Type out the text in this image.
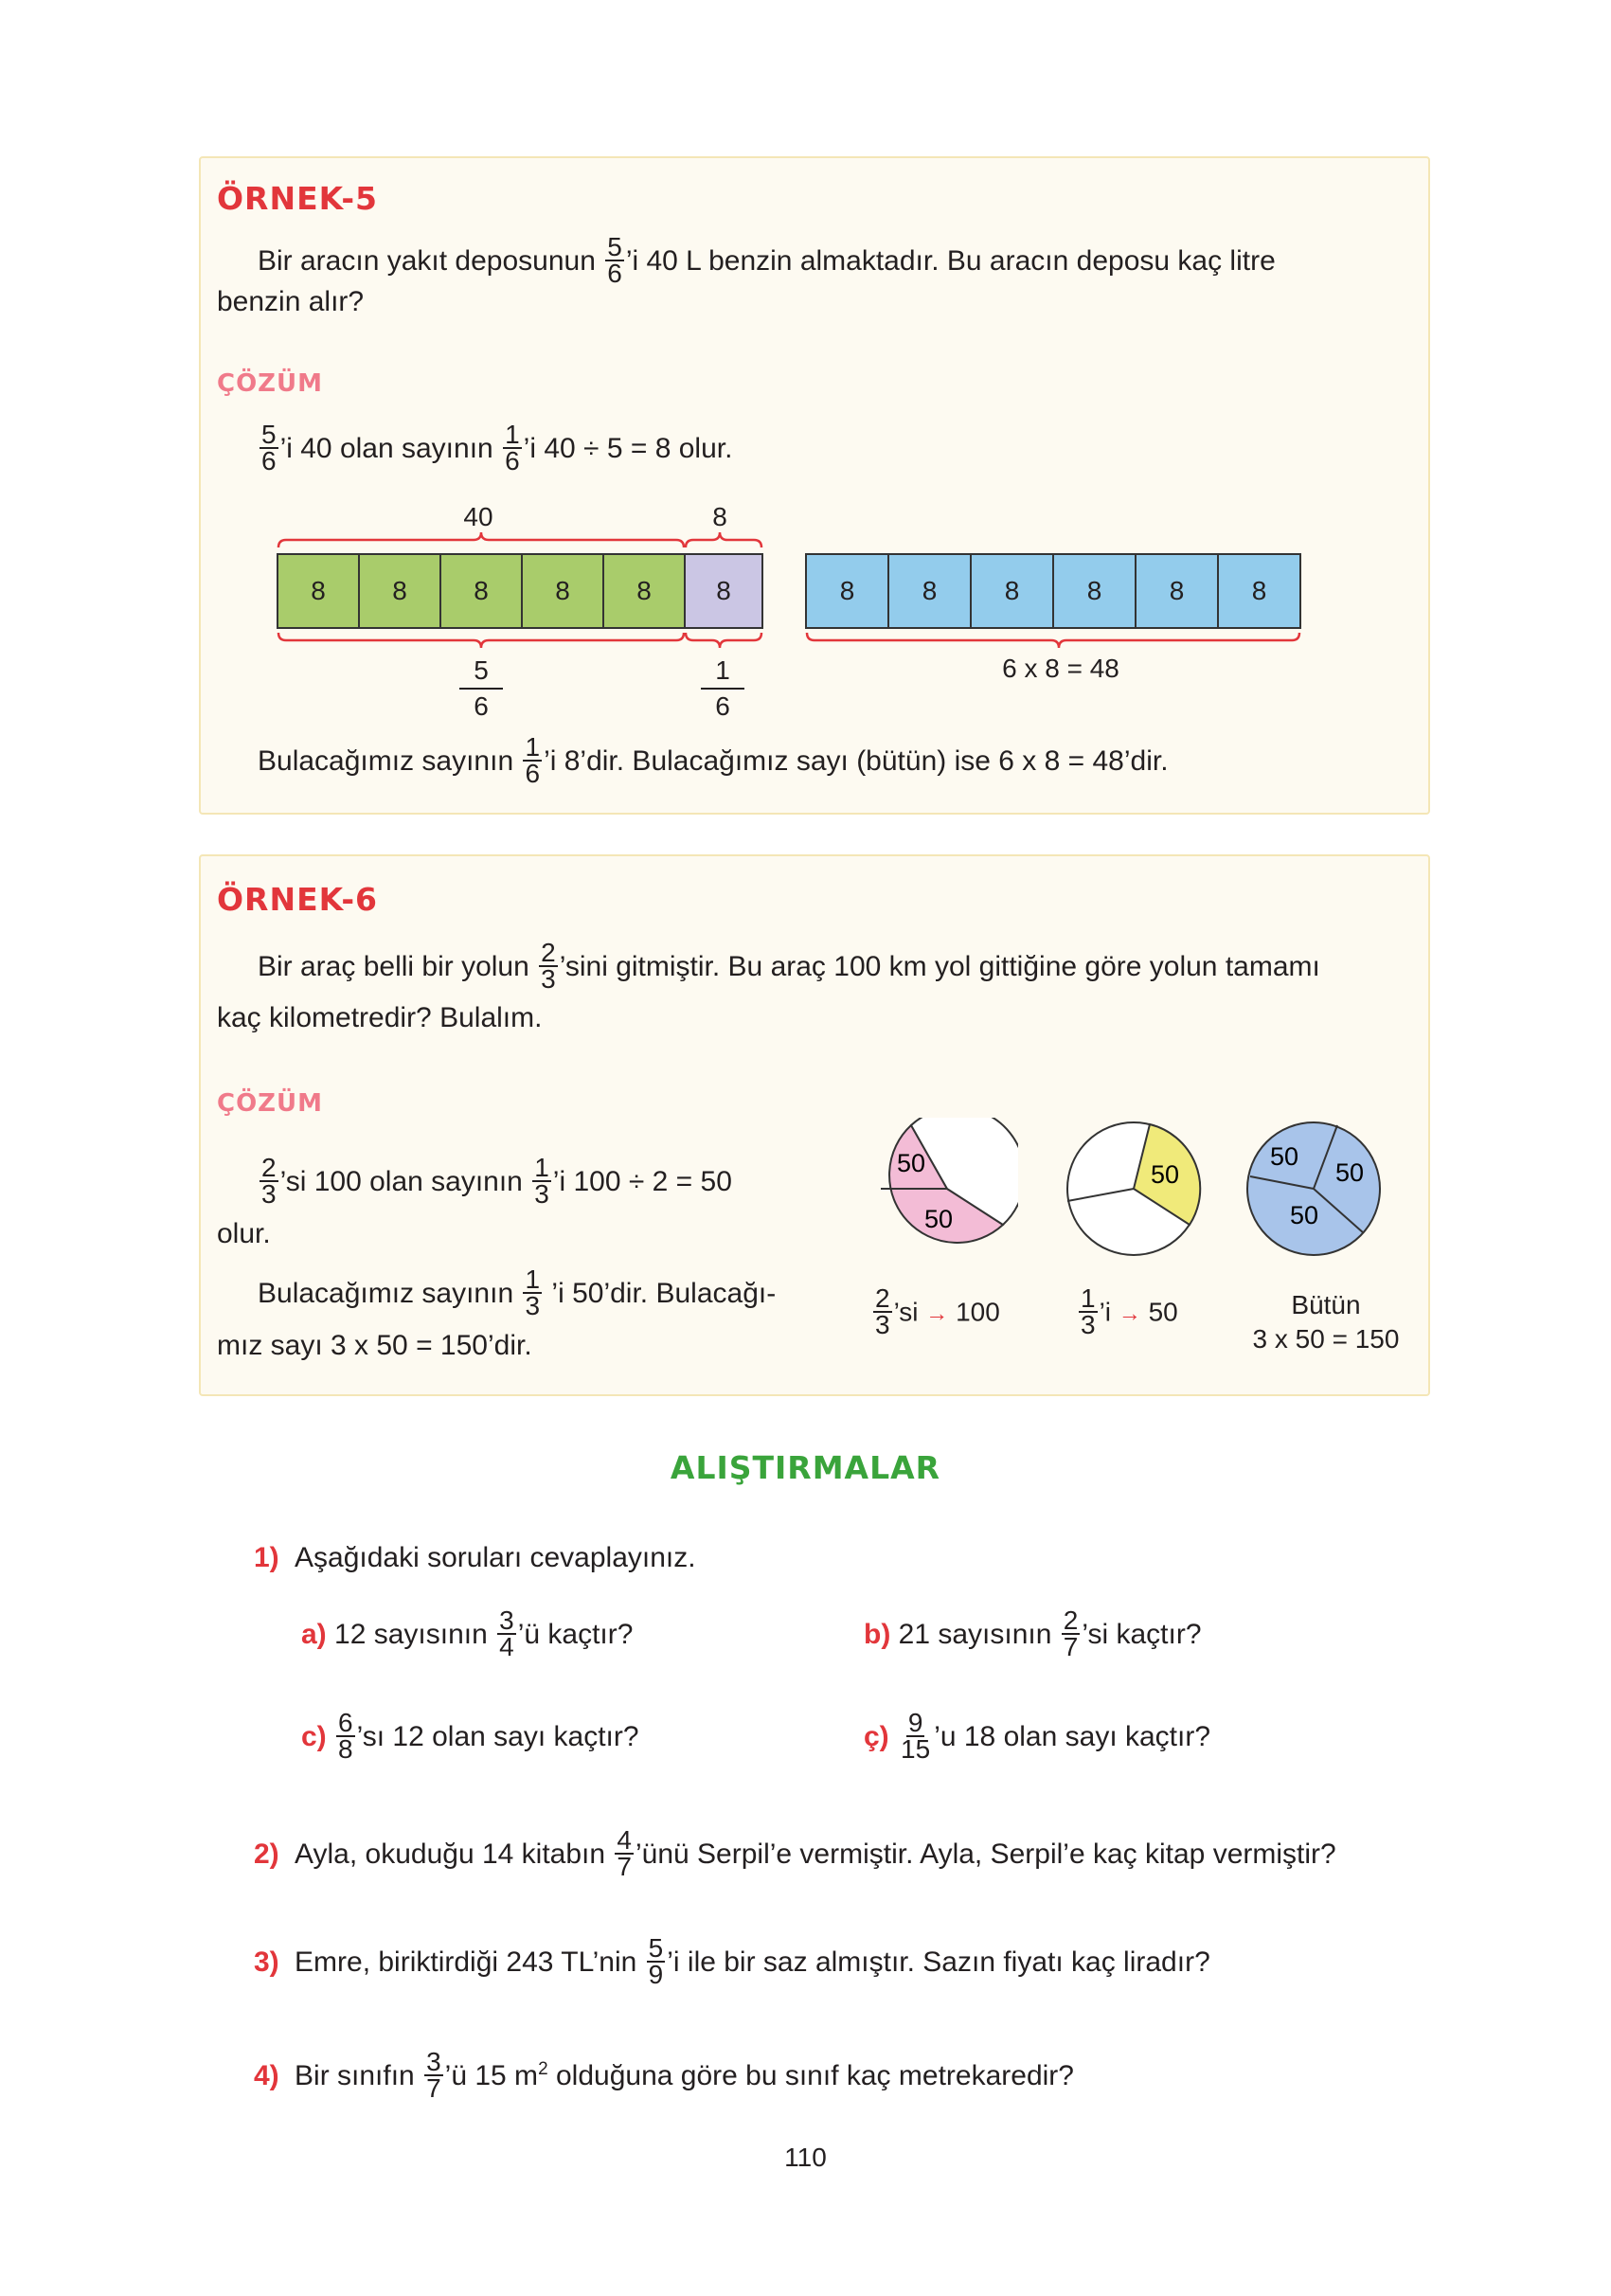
ÖRNEK-5
Bir aracın yakıt deposunun $\frac{5}{6}$ ’i 40 L benzin almaktadır. Bu aracın deposu kaç litre
benzin alır?
ÇÖZÜM
$\frac{5}{6}$ ’i 40 olan sayının $\frac{1}{6}$ ’i 40 ÷ 5 = 8 olur.
40	8
8	8	8	8	8	8	8	8	8	8	8	8
5
6
1
6
6 x 8 = 48
Bulacağımız sayının $\frac{1}{6}$ ’i 8’dir. Bulacağımız sayı (bütün) ise 6 x 8 = 48’dir.
ÖRNEK-6
Bir araç belli bir yolun $\frac{2}{3}$ ’sini gitmiştir. Bu araç 100 km yol gittiğine göre yolun tamamı
kaç kilometredir? Bulalım.
ÇÖZÜM
$\frac{2}{3}$ ’si 100 olan sayının $\frac{1}{3}$ ’i 100 ÷ 2 = 50
olur.
Bulacağımız sayının $\frac{1}{3}$ ’i 50’dir. Bulacağı-
mız sayı 3 x 50 = 150’dir.
50
50
50
50
50
50
$\frac{2}{3}$ ’si → 100	$\frac{1}{3}$ ’i → 50	Bütün
3 x 50 = 150
ALIŞTIRMALAR
1) Aşağıdaki soruları cevaplayınız.
a) 12 sayısının $\frac{3}{4}$ ’ü kaçtır?	b) 21 sayısının $\frac{2}{7}$ ’si kaçtır?
$c) \frac{6}{8}$ ’sı 12 olan sayı kaçtır?	ç) $\frac{9}{15}$ ’u 18 olan sayı kaçtır?
2) Ayla, okuduğu 14 kitabın $\frac{4}{7}$ ’ünü Serpil’e vermiştir. Ayla, Serpil’e kaç kitap vermiştir?
3) Emre, biriktirdiği 243 TL’nin $\frac{5}{9}$ ’i ile bir saz almıştır. Sazın fiyatı kaç liradır?
4) Bir sınıfın $\frac{3}{7}$ ’ü 15 $m^2$ olduğuna göre bu sınıf kaç metrekaredir?
110
